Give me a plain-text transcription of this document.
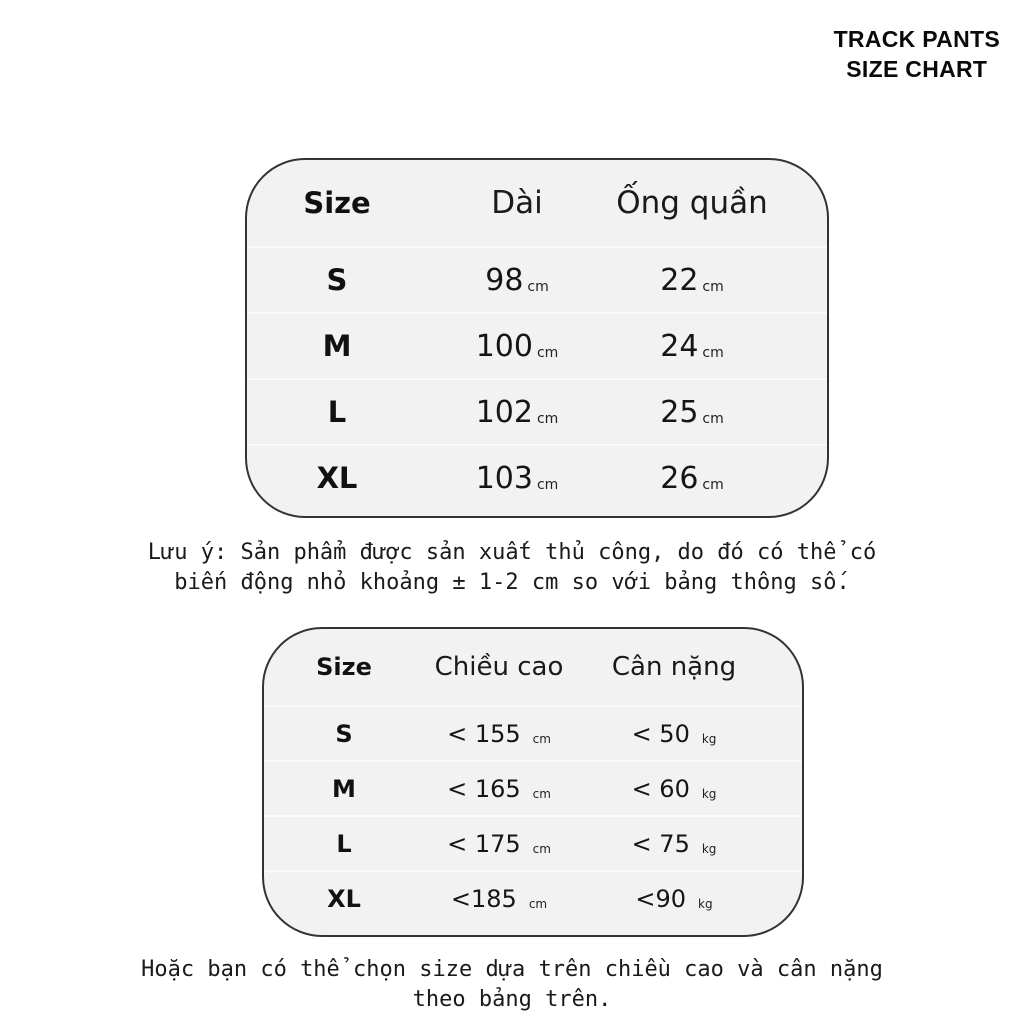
TRACK PANTS
SIZE CHART
Size	Dài	Ống quần
S	98 cm	22 cm
M	100 cm	24 cm
L	102 cm	25 cm
XL	103 cm	26 cm
Lưu ý: Sản phẩm được sản xuất thủ công, do đó có thể có
biến động nhỏ khoảng ± 1-2 cm so với bảng thông số.
Size	Chiều cao	Cân nặng
S	< 155 cm	< 50 kg
M	< 165 cm	< 60 kg
L	< 175 cm	< 75 kg
XL	<185 cm	<90 kg
Hoặc bạn có thể chọn size dựa trên chiều cao và cân nặng
theo bảng trên.
